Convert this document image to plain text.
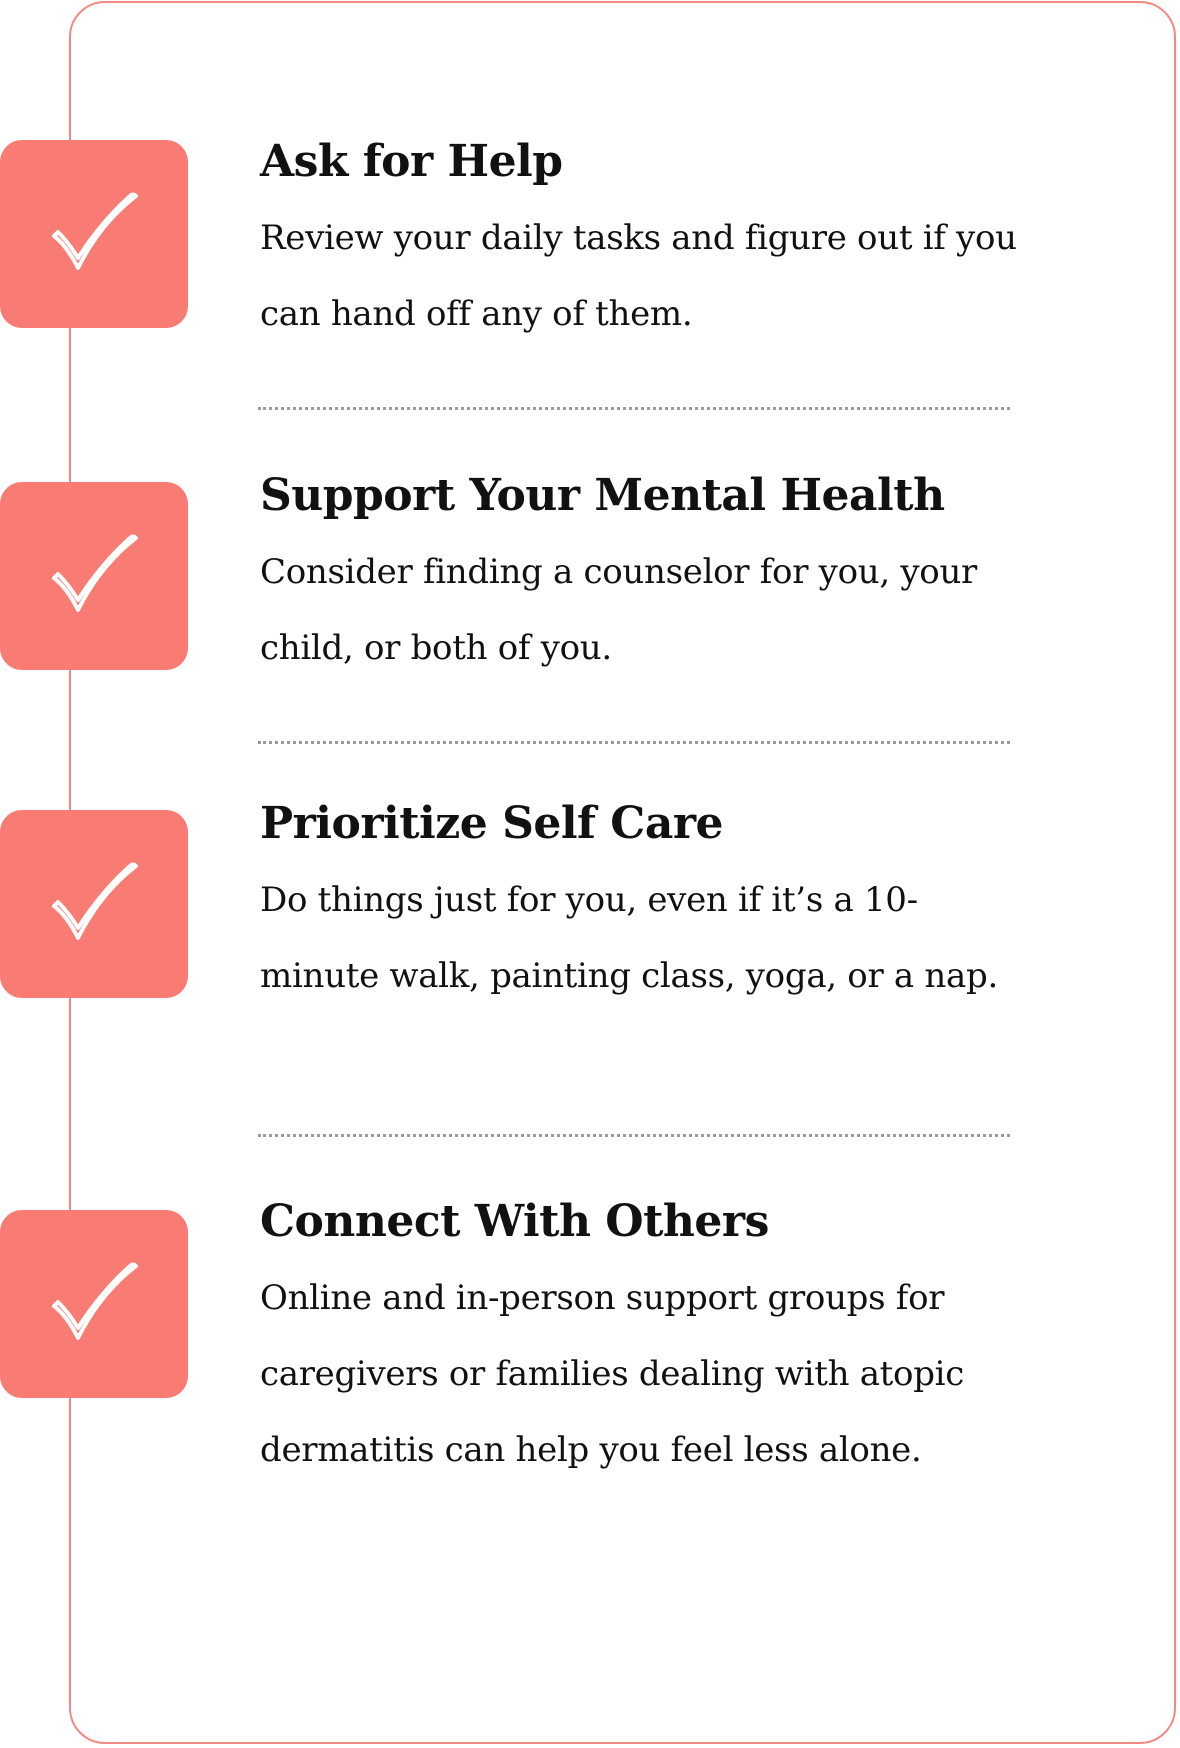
Ask for Help

Review your daily tasks and figure out if you can hand off any of them.

Support Your Mental Health

Consider finding a counselor for you, your child, or both of you.

Prioritize Self Care

Do things just for you, even if it’s a 10-minute walk, painting class, yoga, or a nap.

Connect With Others

Online and in-person support groups for caregivers or families dealing with atopic dermatitis can help you feel less alone.
